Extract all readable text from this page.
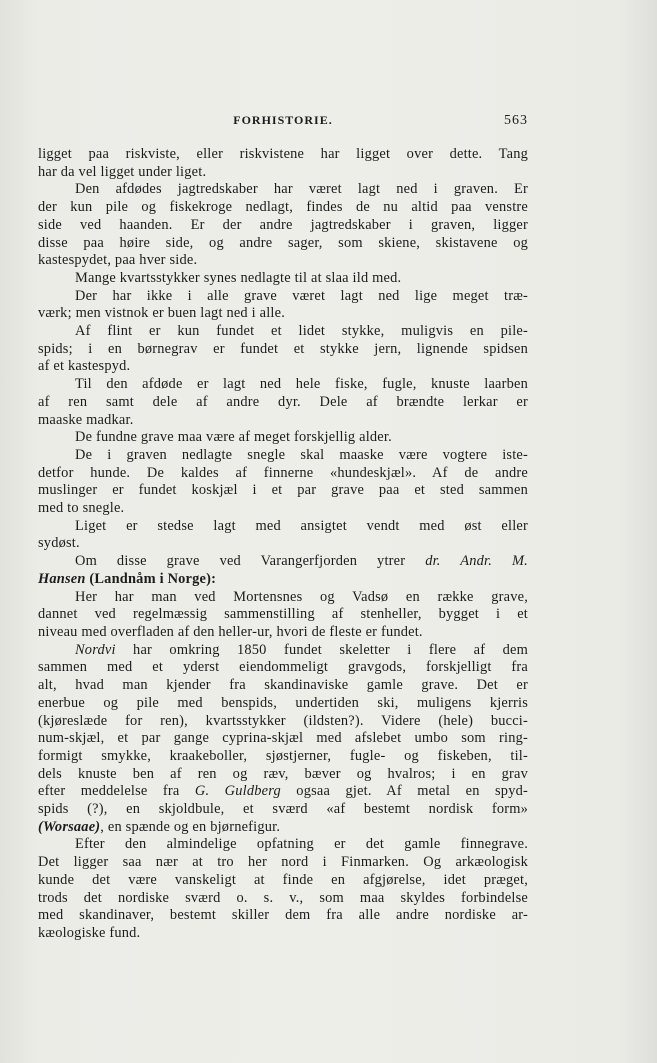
FORHISTORIE.	563
ligget paa riskviste, eller riskvistene har ligget over dette. Tang
har da vel ligget under liget.
Den afdødes jagtredskaber har været lagt ned i graven. Er
der kun pile og fiskekroge nedlagt, findes de nu altid paa venstre
side ved haanden. Er der andre jagtredskaber i graven, ligger
disse paa høire side, og andre sager, som skiene, skistavene og
kastespydet, paa hver side.
Mange kvartsstykker synes nedlagte til at slaa ild med.
Der har ikke i alle grave været lagt ned lige meget træ-
værk; men vistnok er buen lagt ned i alle.
Af flint er kun fundet et lidet stykke, muligvis en pile-
spids; i en børnegrav er fundet et stykke jern, lignende spidsen
af et kastespyd.
Til den afdøde er lagt ned hele fiske, fugle, knuste laarben
af ren samt dele af andre dyr. Dele af brændte lerkar er
maaske madkar.
De fundne grave maa være af meget forskjellig alder.
De i graven nedlagte snegle skal maaske være vogtere iste-
detfor hunde. De kaldes af finnerne «hundeskjæl». Af de andre
muslinger er fundet koskjæl i et par grave paa et sted sammen
med to snegle.
Liget er stedse lagt med ansigtet vendt med øst eller
sydøst.
Om disse grave ved Varangerfjorden ytrer dr. Andr. M.
Hansen (Landnåm i Norge):
Her har man ved Mortensnes og Vadsø en række grave,
dannet ved regelmæssig sammenstilling af stenheller, bygget i et
niveau med overfladen af den heller-ur, hvori de fleste er fundet.
Nordvi har omkring 1850 fundet skeletter i flere af dem
sammen med et yderst eiendommeligt gravgods, forskjelligt fra
alt, hvad man kjender fra skandinaviske gamle grave. Det er
enerbue og pile med benspids, undertiden ski, muligens kjerris
(kjøreslæde for ren), kvartsstykker (ildsten?). Videre (hele) bucci-
num-skjæl, et par gange cyprina-skjæl med afslebet umbo som ring-
formigt smykke, kraakeboller, sjøstjerner, fugle- og fiskeben, til-
dels knuste ben af ren og ræv, bæver og hvalros; i en grav
efter meddelelse fra G. Guldberg ogsaa gjet. Af metal en spyd-
spids (?), en skjoldbule, et sværd «af bestemt nordisk form»
(Worsaae), en spænde og en bjørnefigur.
Efter den almindelige opfatning er det gamle finnegrave.
Det ligger saa nær at tro her nord i Finmarken. Og arkæologisk
kunde det være vanskeligt at finde en afgjørelse, idet præget,
trods det nordiske sværd o. s. v., som maa skyldes forbindelse
med skandinaver, bestemt skiller dem fra alle andre nordiske ar-
kæologiske fund.
